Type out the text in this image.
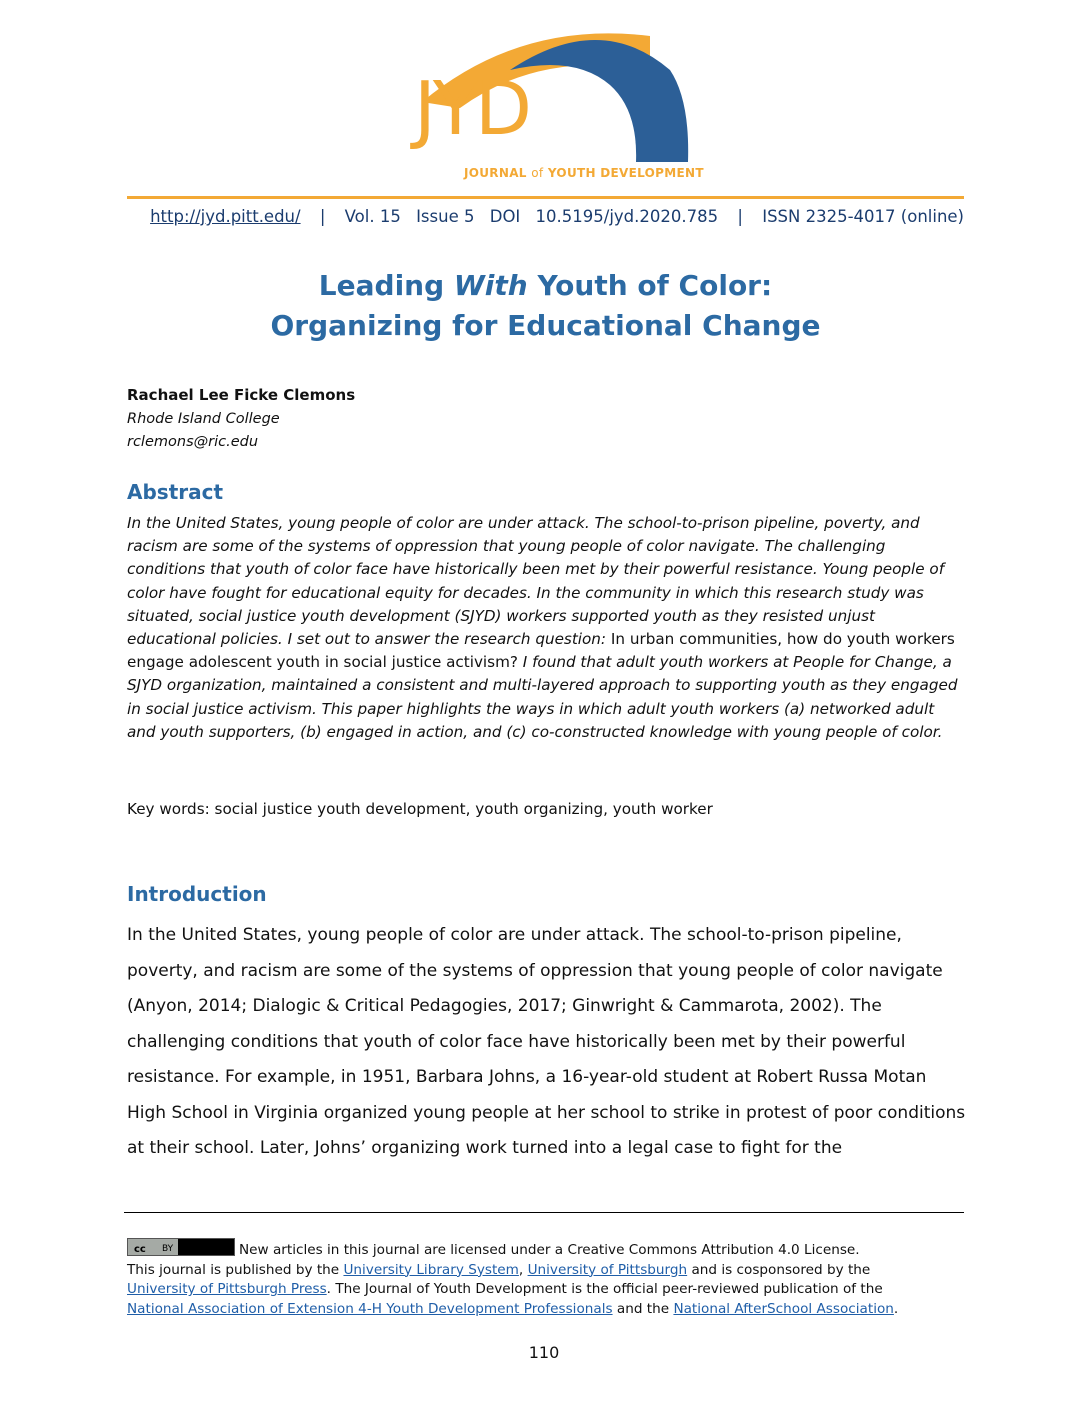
JYD
JOURNAL of YOUTH DEVELOPMENT
http://jyd.pitt.edu/ | Vol. 15 Issue 5 DOI 10.5195/jyd.2020.785 | ISSN 2325-4017 (online)
Leading With Youth of Color:
Organizing for Educational Change
Rachael Lee Ficke Clemons
Rhode Island College
rclemons@ric.edu
Abstract
In the United States, young people of color are under attack. The school-to-prison pipeline, poverty, and racism are some of the systems of oppression that young people of color navigate. The challenging conditions that youth of color face have historically been met by their powerful resistance. Young people of color have fought for educational equity for decades. In the community in which this research study was situated, social justice youth development (SJYD) workers supported youth as they resisted unjust educational policies. I set out to answer the research question: In urban communities, how do youth workers engage adolescent youth in social justice activism? I found that adult youth workers at People for Change, a SJYD organization, maintained a consistent and multi-layered approach to supporting youth as they engaged in social justice activism. This paper highlights the ways in which adult youth workers (a) networked adult and youth supporters, (b) engaged in action, and (c) co-constructed knowledge with young people of color.
Key words: social justice youth development, youth organizing, youth worker
Introduction
In the United States, young people of color are under attack. The school-to-prison pipeline, poverty, and racism are some of the systems of oppression that young people of color navigate (Anyon, 2014; Dialogic & Critical Pedagogies, 2017; Ginwright & Cammarota, 2002). The challenging conditions that youth of color face have historically been met by their powerful resistance. For example, in 1951, Barbara Johns, a 16-year-old student at Robert Russa Motan High School in Virginia organized young people at her school to strike in protest of poor conditions at their school. Later, Johns’ organizing work turned into a legal case to fight for the
cc BY	New articles in this journal are licensed under a Creative Commons Attribution 4.0 License.
This journal is published by the University Library System, University of Pittsburgh and is cosponsored by the
University of Pittsburgh Press. The Journal of Youth Development is the official peer-reviewed publication of the
National Association of Extension 4-H Youth Development Professionals and the National AfterSchool Association.
110
